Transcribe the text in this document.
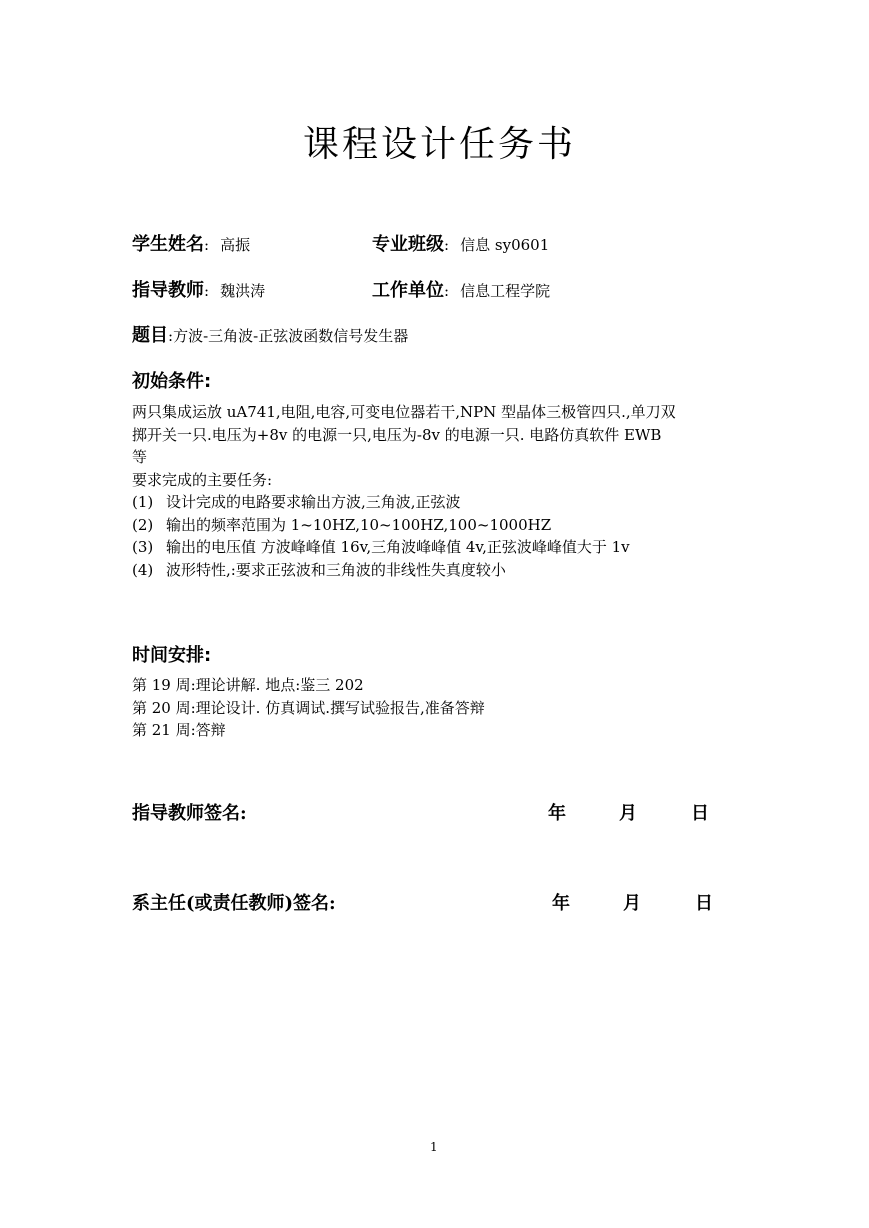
课程设计任务书
学生姓名: 高振	专业班级: 信息 sy0601
指导教师: 魏洪涛	工作单位: 信息工程学院
题目:方波-三角波-正弦波函数信号发生器
初始条件:
两只集成运放 uA741,电阻,电容,可变电位器若干,NPN 型晶体三极管四只.,单刀双
掷开关一只.电压为+8v 的电源一只,电压为-8v 的电源一只. 电路仿真软件 EWB
等
要求完成的主要任务:
(1) 设计完成的电路要求输出方波,三角波,正弦波
(2) 输出的频率范围为 1~10HZ,10~100HZ,100~1000HZ
(3) 输出的电压值 方波峰峰值 16v,三角波峰峰值 4v,正弦波峰峰值大于 1v
(4) 波形特性,:要求正弦波和三角波的非线性失真度较小
时间安排:
第 19 周:理论讲解. 地点:鉴三 202
第 20 周:理论设计. 仿真调试.撰写试验报告,准备答辩
第 21 周:答辩
指导教师签名:	年	月	日
系主任(或责任教师)签名:	年	月	日
1
